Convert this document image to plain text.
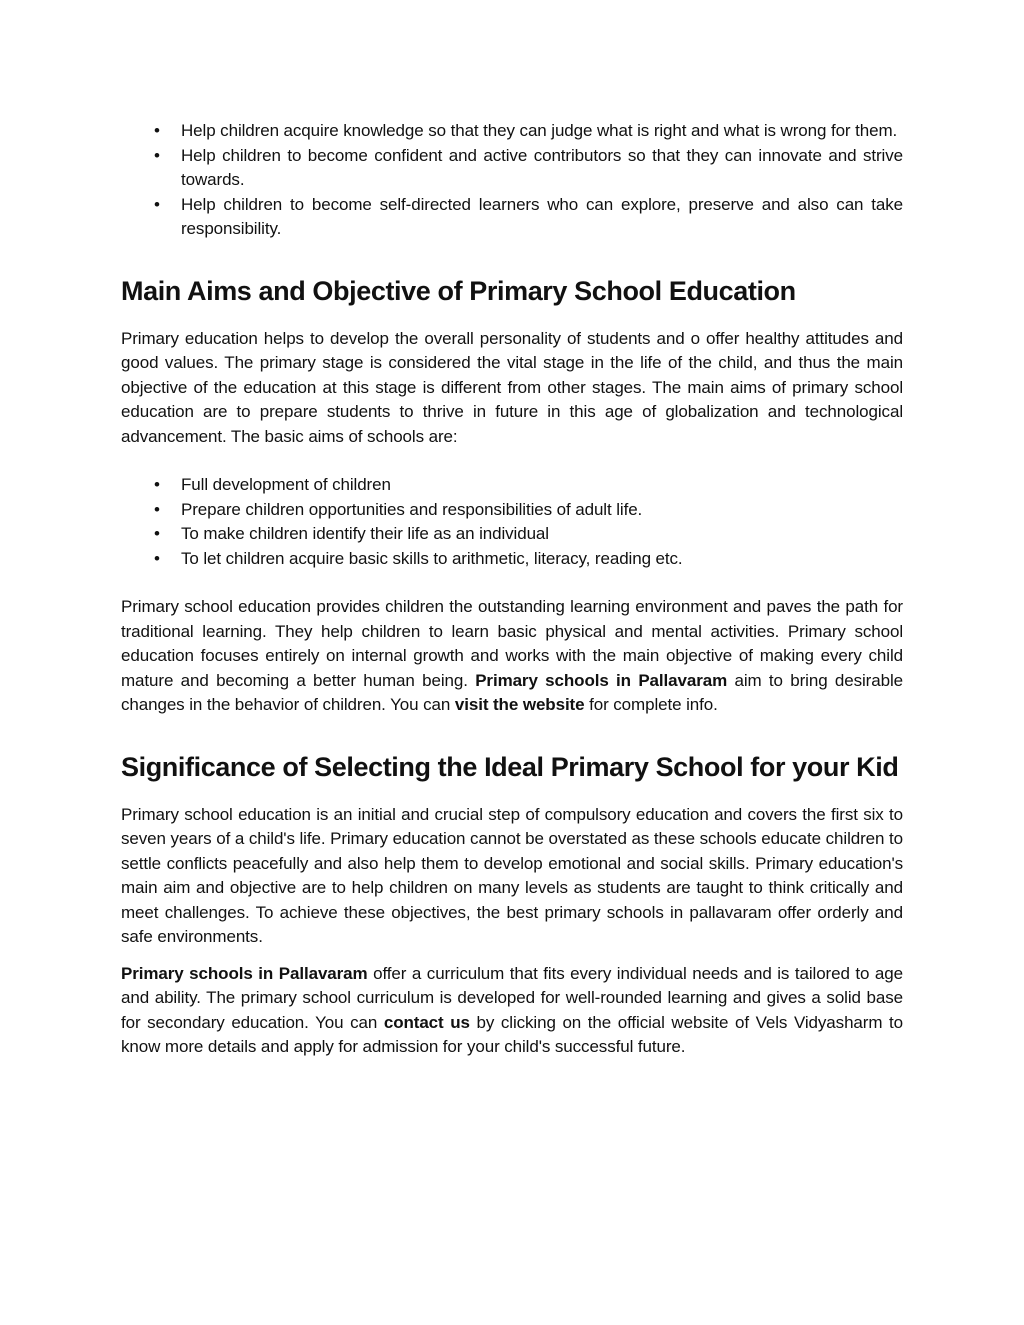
• Help children acquire knowledge so that they can judge what is right and what is wrong for them.
• Help children to become confident and active contributors so that they can innovate and strive towards.
• Help children to become self-directed learners who can explore, preserve and also can take responsibility.
Main Aims and Objective of Primary School Education

Primary education helps to develop the overall personality of students and o offer healthy attitudes and good values. The primary stage is considered the vital stage in the life of the child, and thus the main objective of the education at this stage is different from other stages. The main aims of primary school education are to prepare students to thrive in future in this age of globalization and technological advancement. The basic aims of schools are:

• Full development of children
• Prepare children opportunities and responsibilities of adult life.
• To make children identify their life as an individual
• To let children acquire basic skills to arithmetic, literacy, reading etc.

Primary school education provides children the outstanding learning environment and paves the path for traditional learning. They help children to learn basic physical and mental activities. Primary school education focuses entirely on internal growth and works with the main objective of making every child mature and becoming a better human being. Primary schools in Pallavaram aim to bring desirable changes in the behavior of children. You can visit the website for complete info.

Significance of Selecting the Ideal Primary School for your Kid

Primary school education is an initial and crucial step of compulsory education and covers the first six to seven years of a child's life. Primary education cannot be overstated as these schools educate children to settle conflicts peacefully and also help them to develop emotional and social skills. Primary education's main aim and objective are to help children on many levels as students are taught to think critically and meet challenges. To achieve these objectives, the best primary schools in pallavaram offer orderly and safe environments.

Primary schools in Pallavaram offer a curriculum that fits every individual needs and is tailored to age and ability. The primary school curriculum is developed for well-rounded learning and gives a solid base for secondary education. You can contact us by clicking on the official website of Vels Vidyasharm to know more details and apply for admission for your child's successful future.
